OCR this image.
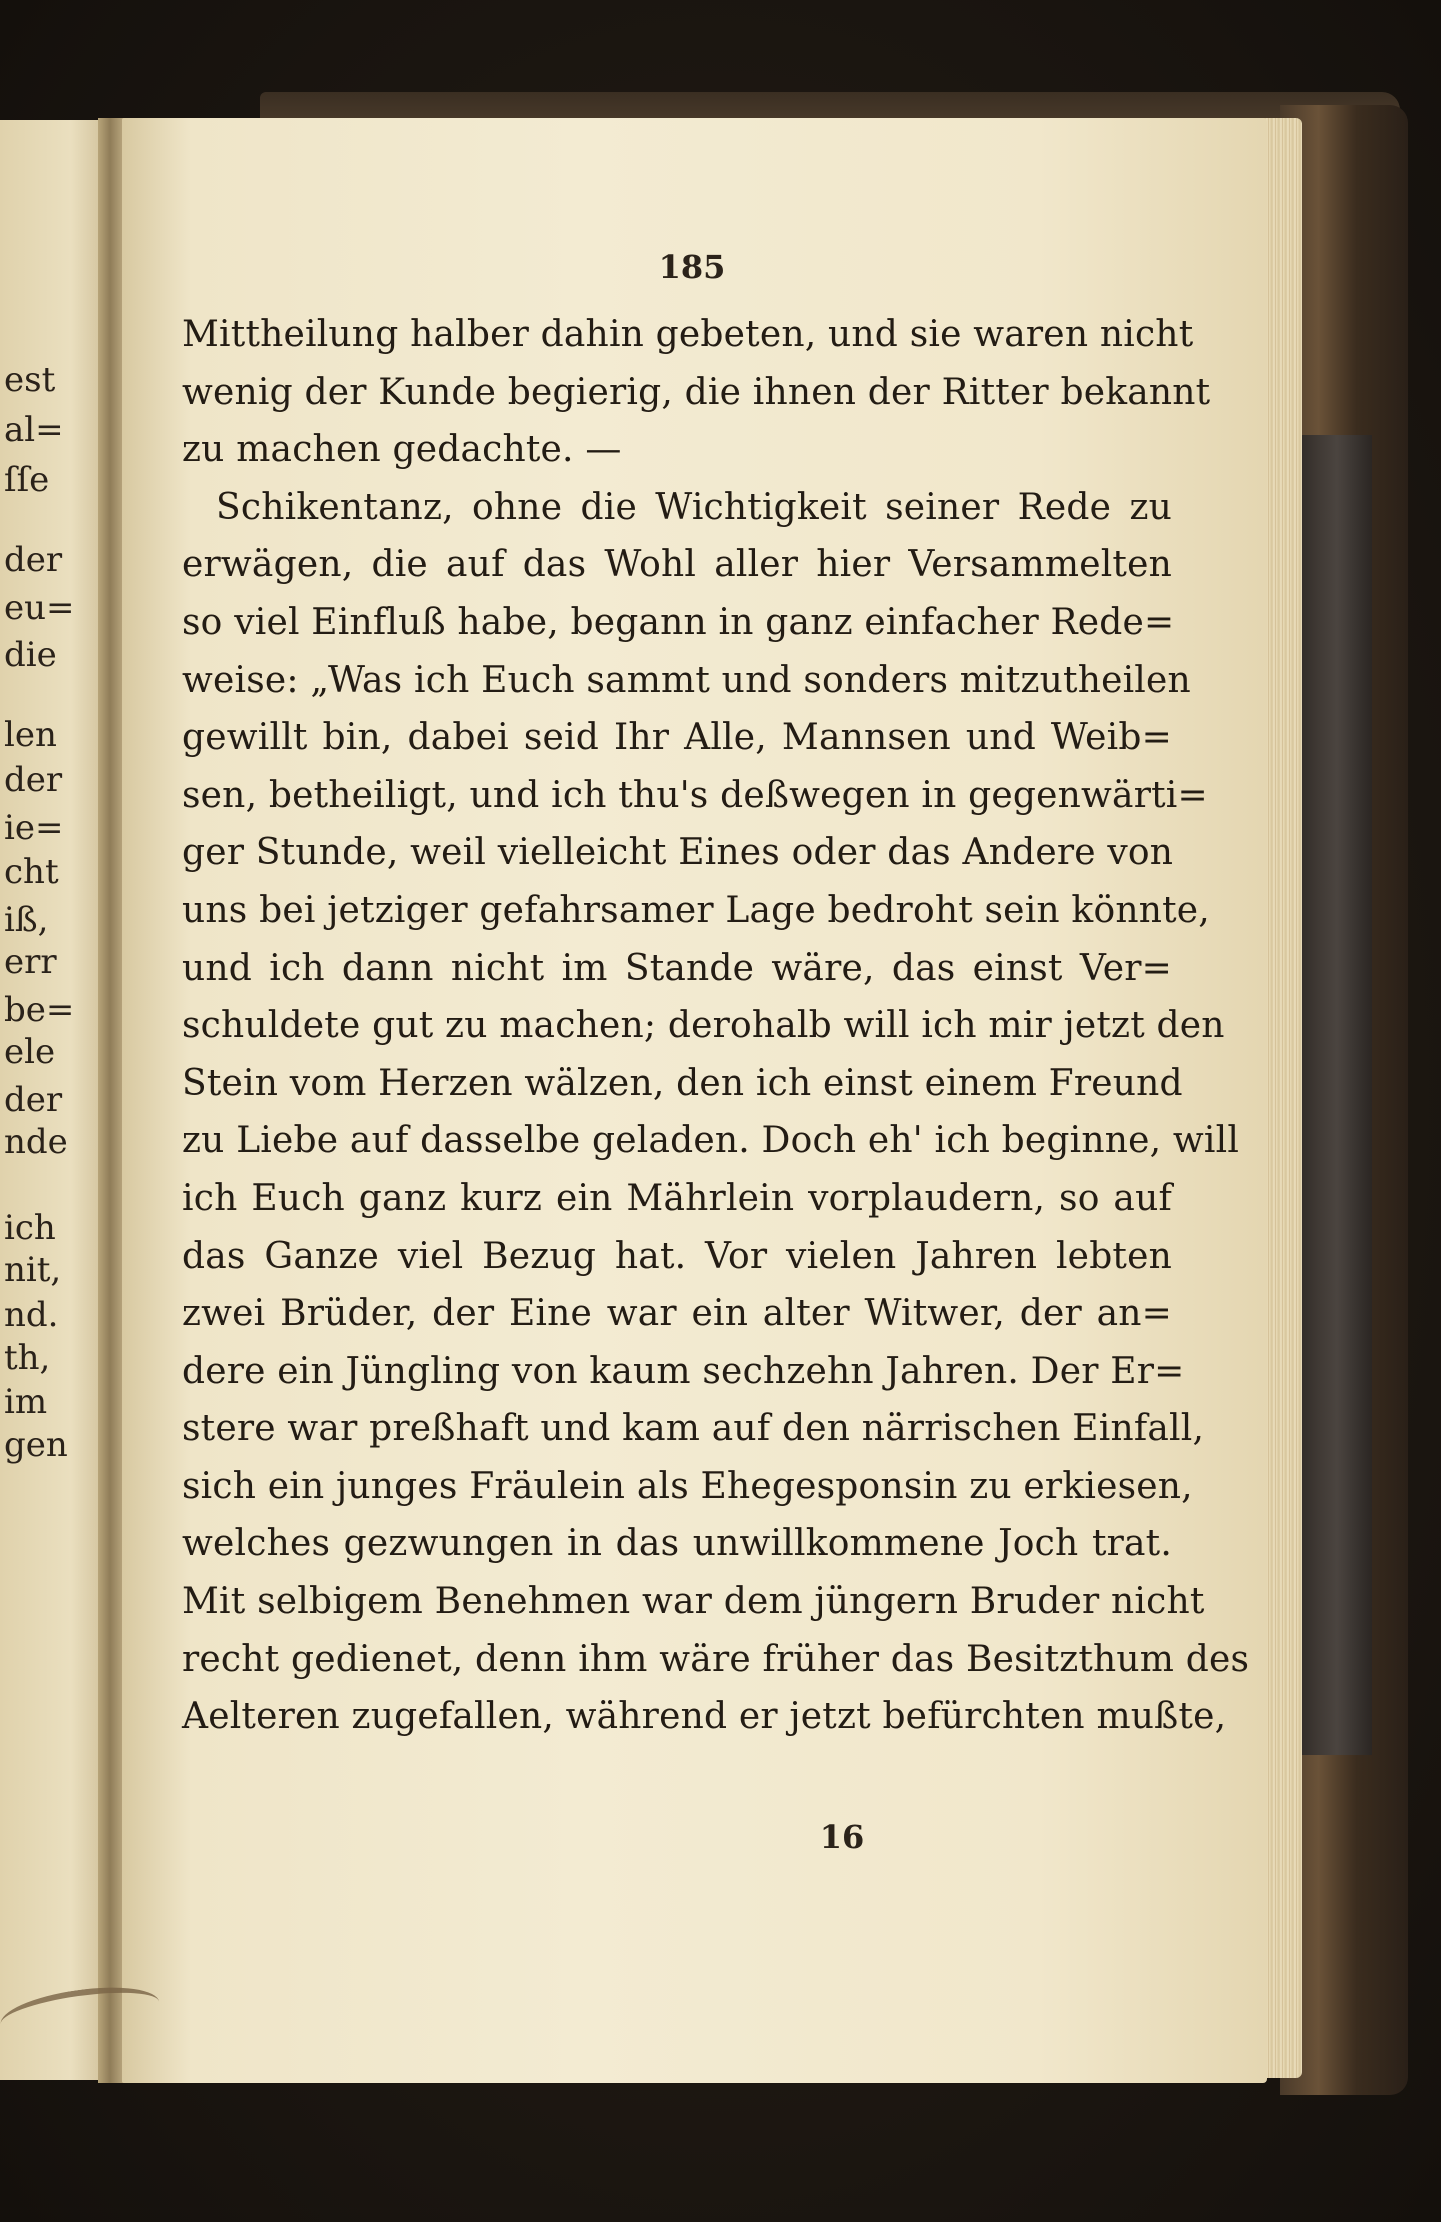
est
al=
ſſe
der
eu=
die
len
der
ie=
cht
iß,
err
be=
ele
der
nde
ich
nit,
nd.
th,
im
gen
185
Mittheilung halber dahin gebeten, und sie waren nicht
wenig der Kunde begierig, die ihnen der Ritter bekannt
zu machen gedachte. —
Schikentanz, ohne die Wichtigkeit seiner Rede zu
erwägen, die auf das Wohl aller hier Versammelten
so viel Einfluß habe, begann in ganz einfacher Rede=
weise: „Was ich Euch sammt und sonders mitzutheilen
gewillt bin, dabei seid Ihr Alle, Mannsen und Weib=
sen, betheiligt, und ich thu's deßwegen in gegenwärti=
ger Stunde, weil vielleicht Eines oder das Andere von
uns bei jetziger gefahrsamer Lage bedroht sein könnte,
und ich dann nicht im Stande wäre, das einst Ver=
schuldete gut zu machen; derohalb will ich mir jetzt den
Stein vom Herzen wälzen, den ich einst einem Freund
zu Liebe auf dasselbe geladen. Doch eh' ich beginne, will
ich Euch ganz kurz ein Mährlein vorplaudern, so auf
das Ganze viel Bezug hat. Vor vielen Jahren lebten
zwei Brüder, der Eine war ein alter Witwer, der an=
dere ein Jüngling von kaum sechzehn Jahren. Der Er=
stere war preßhaft und kam auf den närrischen Einfall,
sich ein junges Fräulein als Ehegesponsin zu erkiesen,
welches gezwungen in das unwillkommene Joch trat.
Mit selbigem Benehmen war dem jüngern Bruder nicht
recht gedienet, denn ihm wäre früher das Besitzthum des
Aelteren zugefallen, während er jetzt befürchten mußte,
16
